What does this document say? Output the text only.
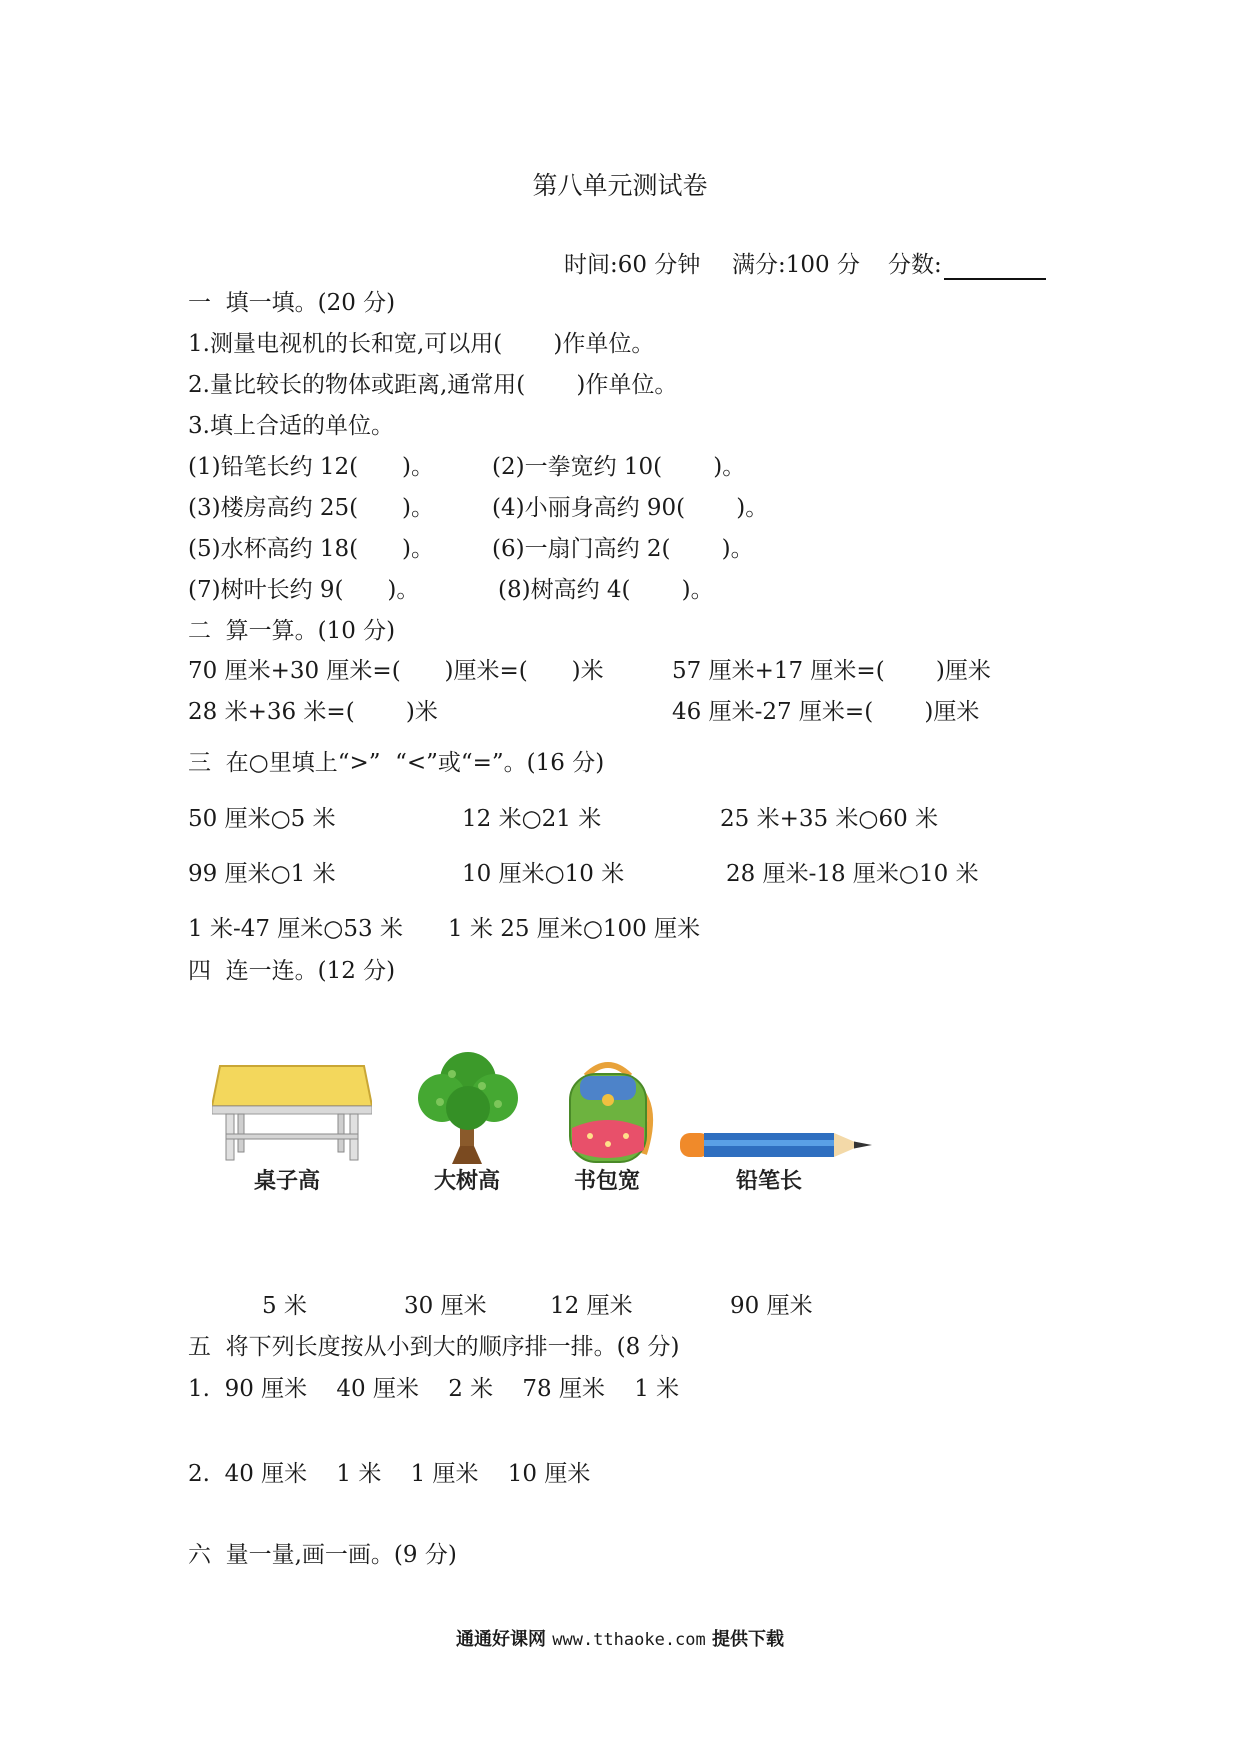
第八单元测试卷
时间:60 分钟 满分:100 分 分数:
一  填一填。(20 分)
1.测量电视机的长和宽,可以用(       )作单位。
2.量比较长的物体或距离,通常用(       )作单位。
3.填上合适的单位。
(1)铅笔长约 12(      )。	(2)一拳宽约 10(       )。
(3)楼房高约 25(      )。	(4)小丽身高约 90(       )。
(5)水杯高约 18(      )。	(6)一扇门高约 2(       )。
(7)树叶长约 9(      )。	(8)树高约 4(       )。
二  算一算。(10 分)
70 厘米+30 厘米=(      )厘米=(      )米	57 厘米+17 厘米=(       )厘米
28 米+36 米=(       )米	46 厘米-27 厘米=(       )厘米
三  在○里填上“>”  “<”或“=”。(16 分)
50 厘米○5 米	12 米○21 米	25 米+35 米○60 米
99 厘米○1 米	10 厘米○10 米	28 厘米-18 厘米○10 米
1 米-47 厘米○53 米 1 米 25 厘米○100 厘米
四  连一连。(12 分)
桌子高	大树高	书包宽	铅笔长
5 米	30 厘米	12 厘米	90 厘米
五  将下列长度按从小到大的顺序排一排。(8 分)
1.  90 厘米    40 厘米    2 米    78 厘米    1 米
2.  40 厘米    1 米    1 厘米    10 厘米
六  量一量,画一画。(9 分)
通通好课网 www.tthaoke.com 提供下载
